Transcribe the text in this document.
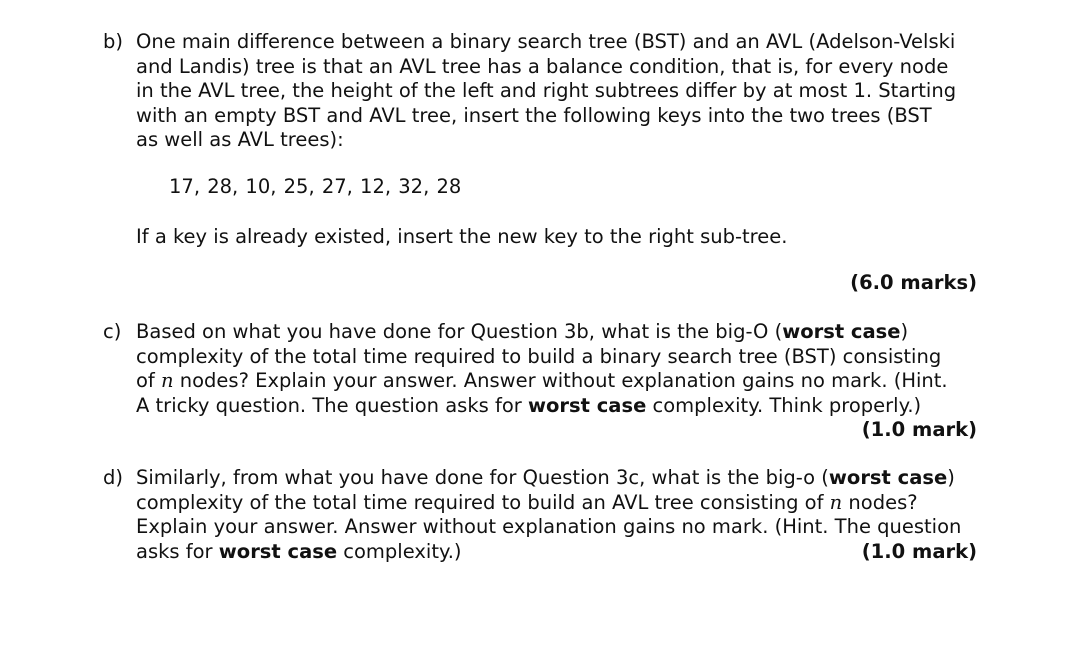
b) One main difference between a binary search tree (BST) and an AVL (Adelson-Velski
and Landis) tree is that an AVL tree has a balance condition, that is, for every node
in the AVL tree, the height of the left and right subtrees differ by at most 1. Starting
with an empty BST and AVL tree, insert the following keys into the two trees (BST
as well as AVL trees):
17, 28, 10, 25, 27, 12, 32, 28
If a key is already existed, insert the new key to the right sub-tree.
(6.0 marks)
c) Based on what you have done for Question 3b, what is the big-O (worst case)
complexity of the total time required to build a binary search tree (BST) consisting
of n nodes? Explain your answer. Answer without explanation gains no mark. (Hint.
A tricky question. The question asks for worst case complexity. Think properly.)
(1.0 mark)
d) Similarly, from what you have done for Question 3c, what is the big-o (worst case)
complexity of the total time required to build an AVL tree consisting of n nodes?
Explain your answer. Answer without explanation gains no mark. (Hint. The question
asks for worst case complexity.)	(1.0 mark)
